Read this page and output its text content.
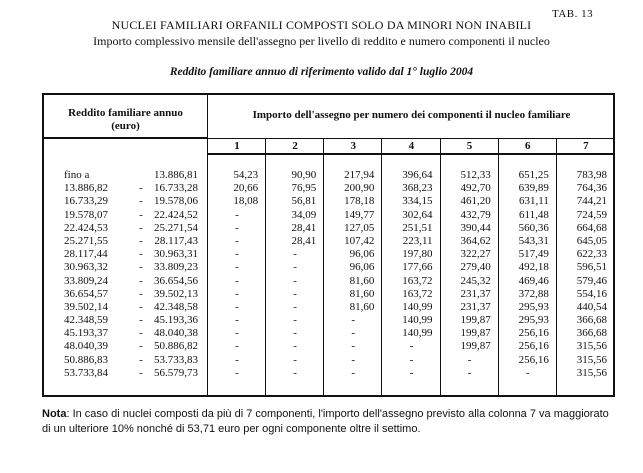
TAB. 13
NUCLEI FAMILIARI ORFANILI COMPOSTI SOLO DA MINORI NON INABILI
Importo complessivo mensile dell'assegno per livello di reddito e numero componenti il nucleo
Reddito familiare annuo di riferimento valido dal 1° luglio 2004
Reddito familiare annuo
(euro)
Importo dell'assegno per numero dei componenti il nucleo familiare
1	2	3	4	5	6	7
fino a	13.886,81	54,23	90,90	217,94	396,64	512,33	651,25	783,98
13.886,82	-	16.733,28	20,66	76,95	200,90	368,23	492,70	639,89	764,36
16.733,29	-	19.578,06	18,08	56,81	178,18	334,15	461,20	631,11	744,21
19.578,07	-	22.424,52	-	34,09	149,77	302,64	432,79	611,48	724,59
22.424,53	-	25.271,54	-	28,41	127,05	251,51	390,44	560,36	664,68
25.271,55	-	28.117,43	-	28,41	107,42	223,11	364,62	543,31	645,05
28.117,44	-	30.963,31	-	-	96,06	197,80	322,27	517,49	622,33
30.963,32	-	33.809,23	-	-	96,06	177,66	279,40	492,18	596,51
33.809,24	-	36.654,56	-	-	81,60	163,72	245,32	469,46	579,46
36.654,57	-	39.502,13	-	-	81,60	163,72	231,37	372,88	554,16
39.502,14	-	42.348,58	-	-	81,60	140,99	231,37	295,93	440,54
42.348,59	-	45.193,36	-	-	-	140,99	199,87	295,93	366,68
45.193,37	-	48.040,38	-	-	-	140,99	199,87	256,16	366,68
48.040,39	-	50.886,82	-	-	-	-	199,87	256,16	315,56
50.886,83	-	53.733,83	-	-	-	-	-	256,16	315,56
53.733,84	-	56.579,73	-	-	-	-	-	-	315,56
Nota: In caso di nuclei composti da più di 7 componenti, l'importo dell'assegno previsto alla colonna 7 va maggiorato di un ulteriore 10% nonché di 53,71 euro per ogni componente oltre il settimo.
